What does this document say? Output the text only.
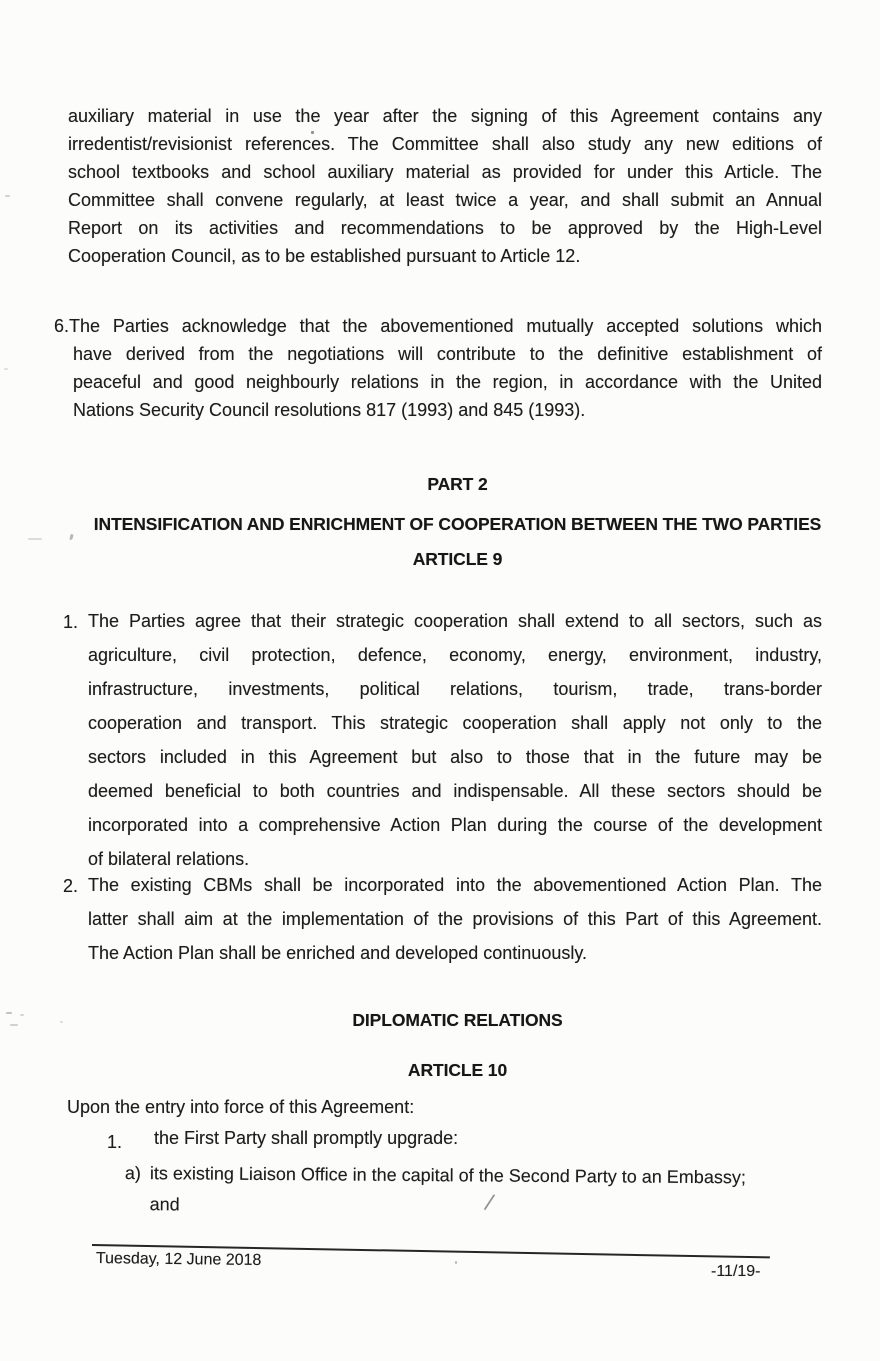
auxiliary material in use the year after the signing of this Agreement contains any
irredentist/revisionist references. The Committee shall also study any new editions of
school textbooks and school auxiliary material as provided for under this Article. The
Committee shall convene regularly, at least twice a year, and shall submit an Annual
Report on its activities and recommendations to be approved by the High-Level
Cooperation Council, as to be established pursuant to Article 12.
6.The Parties acknowledge that the abovementioned mutually accepted solutions which
have derived from the negotiations will contribute to the definitive establishment of
peaceful and good neighbourly relations in the region, in accordance with the United
Nations Security Council resolutions 817 (1993) and 845 (1993).
PART 2
INTENSIFICATION AND ENRICHMENT OF COOPERATION BETWEEN THE TWO PARTIES
ARTICLE 9
1. The Parties agree that their strategic cooperation shall extend to all sectors, such as
agriculture, civil protection, defence, economy, energy, environment, industry,
infrastructure, investments, political relations, tourism, trade, trans-border
cooperation and transport. This strategic cooperation shall apply not only to the
sectors included in this Agreement but also to those that in the future may be
deemed beneficial to both countries and indispensable. All these sectors should be
incorporated into a comprehensive Action Plan during the course of the development
of bilateral relations.
2. The existing CBMs shall be incorporated into the abovementioned Action Plan. The
latter shall aim at the implementation of the provisions of this Part of this Agreement.
The Action Plan shall be enriched and developed continuously.
DIPLOMATIC RELATIONS
ARTICLE 10
Upon the entry into force of this Agreement:
1. the First Party shall promptly upgrade:
a) its existing Liaison Office in the capital of the Second Party to an Embassy;
and	/
Tuesday, 12 June 2018
-11/19-
